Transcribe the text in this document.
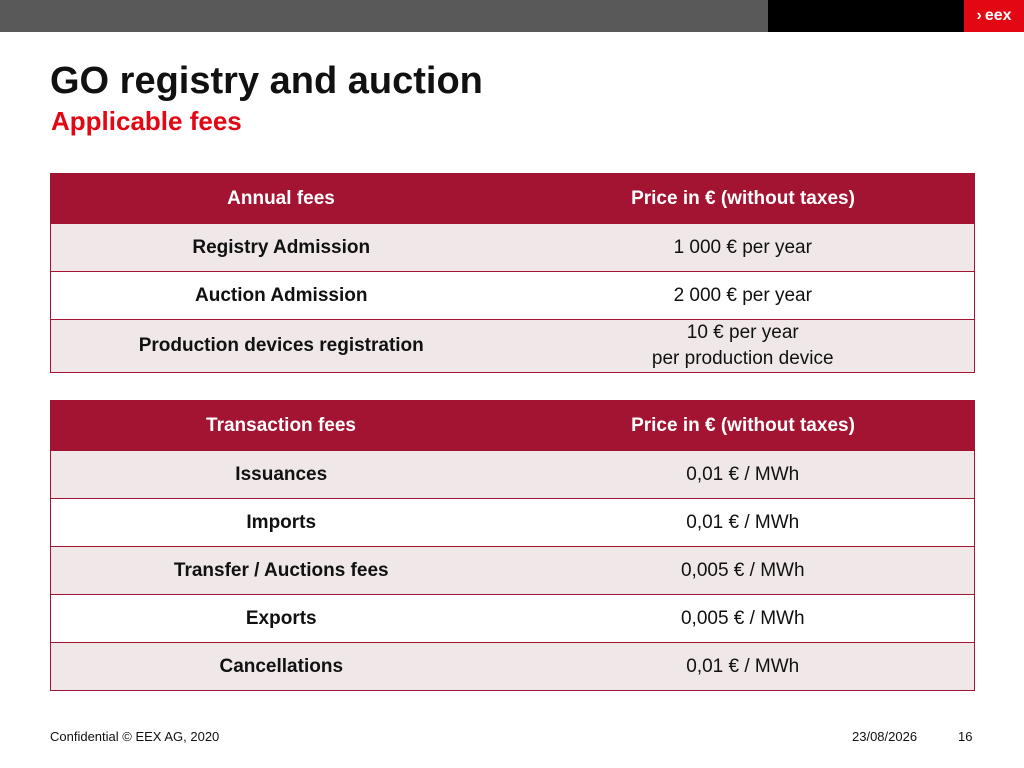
› eex
GO registry and auction
Applicable fees
Annual fees	Price in € (without taxes)
Registry Admission	1 000 € per year
Auction Admission	2 000 € per year
Production devices registration	10 € per year
per production device
Transaction fees	Price in € (without taxes)
Issuances	0,01 € / MWh
Imports	0,01 € / MWh
Transfer / Auctions fees	0,005 € / MWh
Exports	0,005 € / MWh
Cancellations	0,01 € / MWh
Confidential © EEX AG, 2020	23/08/2026	16
